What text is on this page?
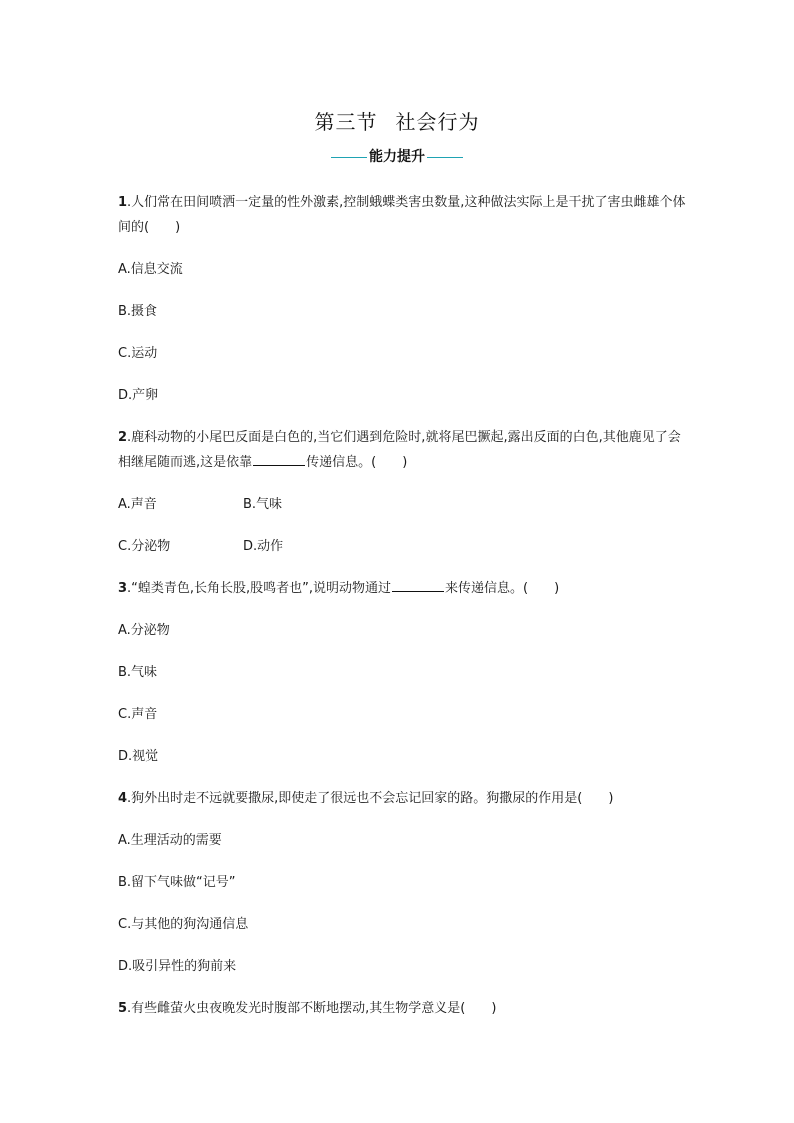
第三节 社会行为
能力提升

1.人们常在田间喷洒一定量的性外激素,控制蛾蝶类害虫数量,这种做法实际上是干扰了害虫雌雄个体间的( )

A.信息交流

B.摄食

C.运动

D.产卵

2.鹿科动物的小尾巴反面是白色的,当它们遇到危险时,就将尾巴撅起,露出反面的白色,其他鹿见了会相继尾随而逃,这是依靠	传递信息。( )

A.声音	B.气味
C.分泌物	D.动作

3.“蝗类青色,长角长股,股鸣者也”,说明动物通过	来传递信息。( )

A.分泌物

B.气味

C.声音

D.视觉

4.狗外出时走不远就要撒尿,即使走了很远也不会忘记回家的路。狗撒尿的作用是( )

A.生理活动的需要

B.留下气味做“记号”

C.与其他的狗沟通信息

D.吸引异性的狗前来

5.有些雌萤火虫夜晚发光时腹部不断地摆动,其生物学意义是( )
